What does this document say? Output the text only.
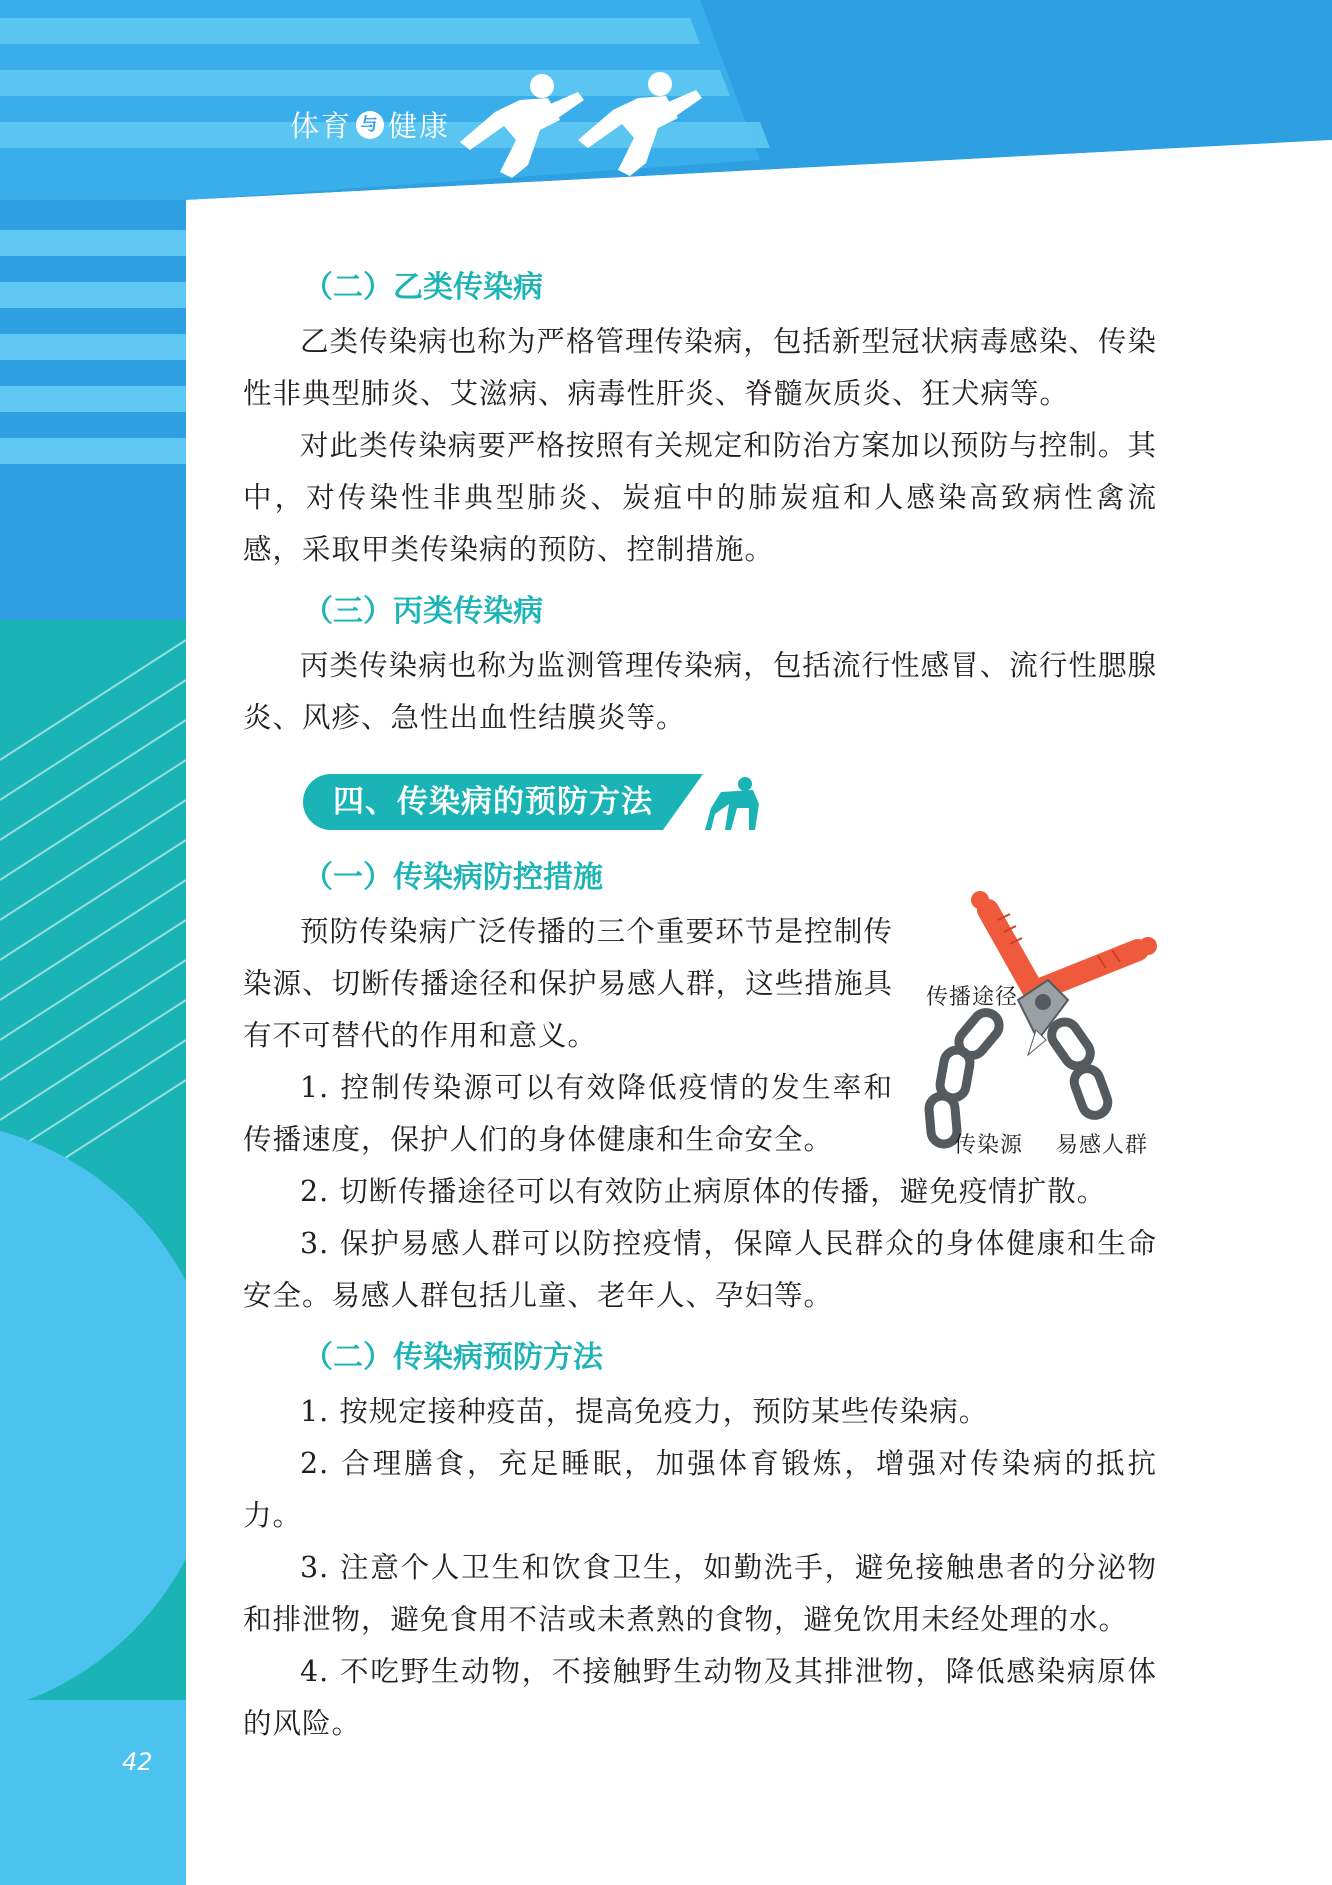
体育 与 健康
（二）乙类传染病

乙类传染病也称为严格管理传染病，包括新型冠状病毒感染、传染性非典型肺炎、艾滋病、病毒性肝炎、脊髓灰质炎、狂犬病等。

对此类传染病要严格按照有关规定和防治方案加以预防与控制。其中，对传染性非典型肺炎、炭疽中的肺炭疽和人感染高致病性禽流感，采取甲类传染病的预防、控制措施。

（三）丙类传染病

丙类传染病也称为监测管理传染病，包括流行性感冒、流行性腮腺炎、风疹、急性出血性结膜炎等。

四、传染病的预防方法
（一）传染病防控措施

预防传染病广泛传播的三个重要环节是控制传染源、切断传播途径和保护易感人群，这些措施具有不可替代的作用和意义。

1. 控制传染源可以有效降低疫情的发生率和传播速度，保护人们的身体健康和生命安全。

2. 切断传播途径可以有效防止病原体的传播，避免疫情扩散。

3. 保护易感人群可以防控疫情，保障人民群众的身体健康和生命安全。易感人群包括儿童、老年人、孕妇等。

（二）传染病预防方法

1. 按规定接种疫苗，提高免疫力，预防某些传染病。

2. 合理膳食，充足睡眠，加强体育锻炼，增强对传染病的抵抗力。

3. 注意个人卫生和饮食卫生，如勤洗手，避免接触患者的分泌物和排泄物，避免食用不洁或未煮熟的食物，避免饮用未经处理的水。

4. 不吃野生动物，不接触野生动物及其排泄物，降低感染病原体的风险。

传播途径
传染源 易感人群
42
